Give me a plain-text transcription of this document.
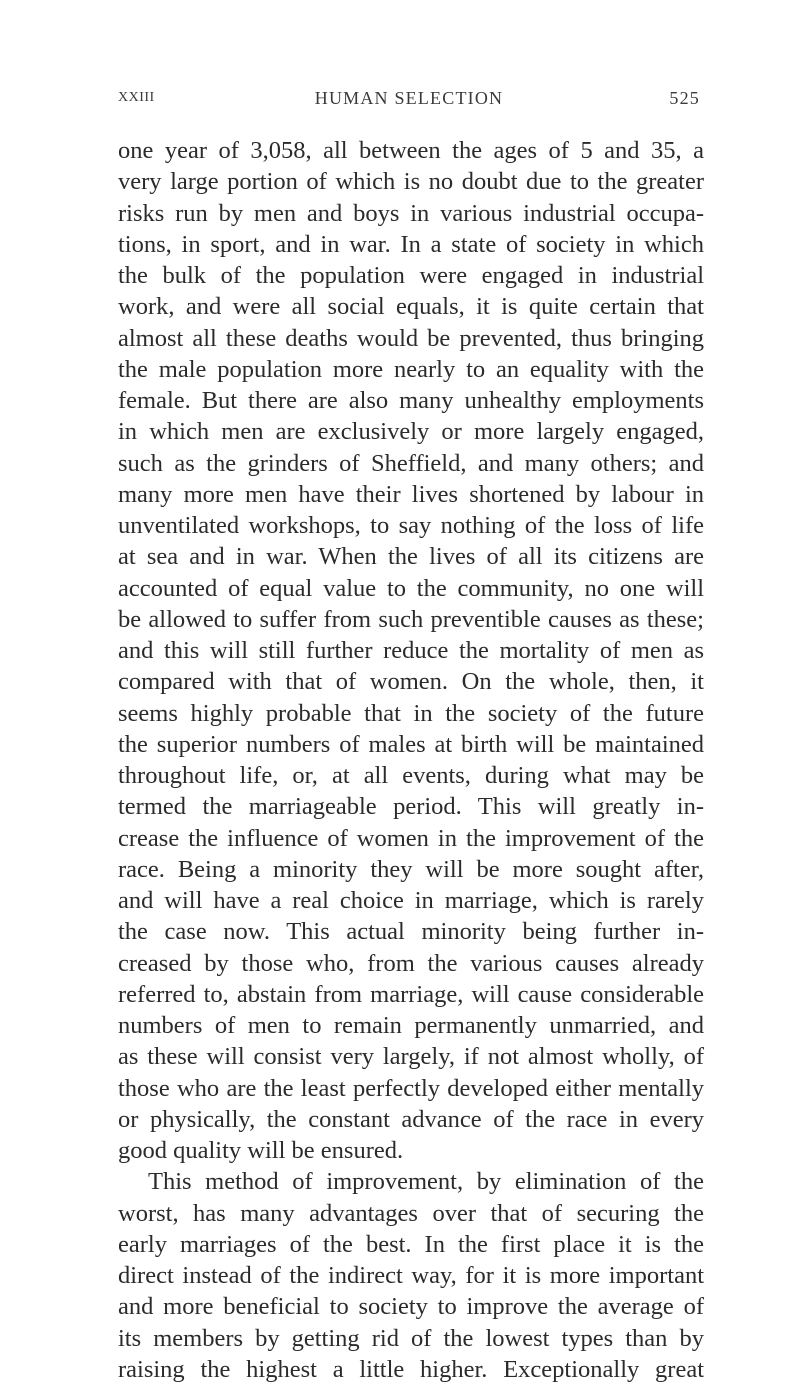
XXIII	HUMAN SELECTION	525
one year of 3,058, all between the ages of 5 and 35, a
very large portion of which is no doubt due to the greater
risks run by men and boys in various industrial occupa-
tions, in sport, and in war. In a state of society in which
the bulk of the population were engaged in industrial
work, and were all social equals, it is quite certain that
almost all these deaths would be prevented, thus bringing
the male population more nearly to an equality with the
female. But there are also many unhealthy employments
in which men are exclusively or more largely engaged,
such as the grinders of Sheffield, and many others; and
many more men have their lives shortened by labour in
unventilated workshops, to say nothing of the loss of life
at sea and in war. When the lives of all its citizens are
accounted of equal value to the community, no one will
be allowed to suffer from such preventible causes as these;
and this will still further reduce the mortality of men as
compared with that of women. On the whole, then, it
seems highly probable that in the society of the future
the superior numbers of males at birth will be maintained
throughout life, or, at all events, during what may be
termed the marriageable period. This will greatly in-
crease the influence of women in the improvement of the
race. Being a minority they will be more sought after,
and will have a real choice in marriage, which is rarely
the case now. This actual minority being further in-
creased by those who, from the various causes already
referred to, abstain from marriage, will cause considerable
numbers of men to remain permanently unmarried, and
as these will consist very largely, if not almost wholly, of
those who are the least perfectly developed either mentally
or physically, the constant advance of the race in every
good quality will be ensured.
This method of improvement, by elimination of the
worst, has many advantages over that of securing the
early marriages of the best. In the first place it is the
direct instead of the indirect way, for it is more important
and more beneficial to society to improve the average of
its members by getting rid of the lowest types than by
raising the highest a little higher. Exceptionally great
